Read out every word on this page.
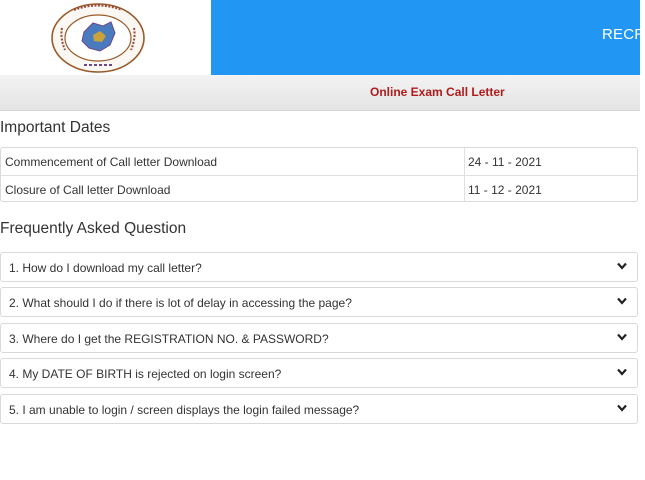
RECR
Online Exam Call Letter
Important Dates
Commencement of Call letter Download	24 - 11 - 2021
Closure of Call letter Download	11 - 12 - 2021
Frequently Asked Question
1. How do I download my call letter?
2. What should I do if there is lot of delay in accessing the page?
3. Where do I get the REGISTRATION NO. & PASSWORD?
4. My DATE OF BIRTH is rejected on login screen?
5. I am unable to login / screen displays the login failed message?
